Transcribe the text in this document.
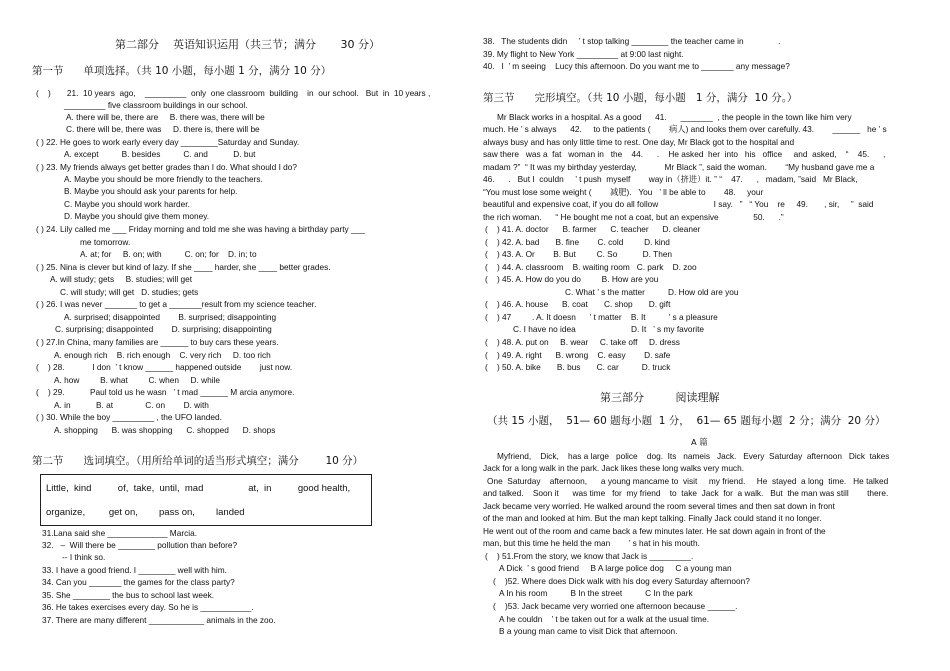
第二部分    英语知识运用（共三节；满分       30 分）
第一节      单项选择。（共 10 小题，每小题 1 分，满分 10 分）
(    )       21.  10 years  ago,    _________  only  one classroom  building    in  our school.   But  in  10 years ,
_________ five classroom buildings in our school.
A. there will be, there are     B. there was, there will be
C. there will be, there was     D. there is, there will be
( ) 22. He goes to work early every day ________Saturday and Sunday.
A. except          B. besides          C. and           D. but
( ) 23. My friends always get better grades than I do. What should I do?
A. Maybe you should be more friendly to the teachers.
B. Maybe you should ask your parents for help.
C. Maybe you should work harder.
D. Maybe you should give them money.
( ) 24. Lily called me ___ Friday morning and told me she was having a birthday party ___
me tomorrow.
A. at; for     B. on; with          C. on; for    D. in; to
( ) 25. Nina is clever but kind of lazy. If she ____ harder, she ____ better grades.
A. will study; gets     B. studies; will get
C. will study; will get   D. studies; gets
( ) 26. I was never _______ to get a _______result from my science teacher.
A. surprised; disappointed        B. surprised; disappointing
C. surprising; disappointed        D. surprising; disappointing
( ) 27.In China, many families are ______ to buy cars these years.
A. enough rich    B. rich enough    C. very rich     D. too rich
(    ) 28.            I don  ’ t know ______ happened outside        just now.
A. how         B. what         C. when     D. while
(    ) 29.           Paul told us he wasn   ’ t mad ______ M arcia anymore.
A. in           B. at              C. on        D. with
( ) 30. While the boy _________ , the UFO landed.
A. shopping      B. was shopping      C. shopped      D. shops
第二节      选词填空。（用所给单词的适当形式填空；满分        10 分）
Little,  kind          of,  take,  until,  mad                 at,  in          good health,
organize,         get on,        pass on,        landed
31.Lana said she _____________ Marcia.
32.   –  Will there be ________ pollution than before?
-- I think so.
33. I have a good friend. I ________ well with him.
34. Can you _______ the games for the class party?
35. She ________ the bus to school last week.
36. He takes exercises every day. So he is ___________.
37. There are many different ____________ animals in the zoo.
38.   The students didn     ’ t stop talking ________ the teacher came in               .
39. My flight to New York _________ at 9:00 last night.
40.   I  ’ m seeing    Lucy this afternoon. Do you want me to _______ any message?
第三节      完形填空。（共 10 小题，每小题   1 分，满分  10 分。）
Mr Black works in a hospital. As a good      41.      _______  , the people in the town like him very
much. He ’ s always      42.     to the patients (        病人) and looks them over carefully. 43.        ______   he ’ s
always busy and has only little time to rest. One day, Mr Black got to the hospital and
saw there   was a  fat   woman in   the    44.      .    He asked  her  into   his   office     and  asked,    “    45.      ,
madam ?”  “ It was my birthday yesterday,            Mr Black ”, said the woman.        “My husband gave me a
46.      .   But I  couldn     ’ t push  myself        way in（挤进）it. ” “    47.      ,   madam, ”said   Mr Black,
“You must lose some weight (        减肥).   You   ’ ll be able to        48.     your
beautiful and expensive coat, if you do all follow                        I say.   ”   “ You    re     49.       , sir,     ”  said
the rich woman.      “ He bought me not a coat, but an expensive               50.      .”
(    ) 41. A. doctor      B. farmer      C. teacher      D. cleaner
(    ) 42. A. bad       B. fine        C. cold         D. kind
(    ) 43. A. Or        B. But         C. So           D. Then
(    ) 44. A. classroom    B. waiting room   C. park    D. zoo
(    ) 45. A. How do you do         B. How are you
C. What ’ s the matter          D. How old are you
(    ) 46. A. house      B. coat       C. shop       D. gift
(    ) 47         . A. It doesn      ’ t matter    B. It          ’ s a pleasure
C. I have no idea                        D. It   ’ s my favorite
(    ) 48. A. put on     B. wear     C. take off     D. dress
(    ) 49. A. right      B. wrong    C. easy        D. safe
(    ) 50. A. bike       B. bus       C. car          D. truck
第三部分         阅读理解
（共 15 小题，  51— 60 题每小题  1 分，  61— 65 题每小题  2 分；满分  20 分）
A 篇
Myfriend,    Dick,    has a large   police    dog.  Its   nameis   Jack.   Every  Saturday  afternoon   Dick  takes
Jack for a long walk in the park. Jack likes these long walks very much.
One  Saturday    afternoon,      a young mancame to  visit     my friend.     He  stayed  a long  time.   He talked
and talked.    Soon it      was time   for  my friend    to  take  Jack  for  a walk.   But  the man was still        there.
Jack became very worried. He walked around the room several times and then sat down in front
of the man and looked at him. But the man kept talking. Finally Jack could stand it no longer.
He went out of the room and came back a few minutes later. He sat down again in front of the
man, but this time he held the man        ’ s hat in his mouth.
(    ) 51.From the story, we know that Jack is _________.
A Dick  ’ s good friend     B A large police dog     C a young man
(    )52. Where does Dick walk with his dog every Saturday afternoon?
A In his room          B In the street          C In the park
(    )53. Jack became very worried one afternoon because ______.
A he couldn    ’ t be taken out for a walk at the usual time.
B a young man came to visit Dick that afternoon.
